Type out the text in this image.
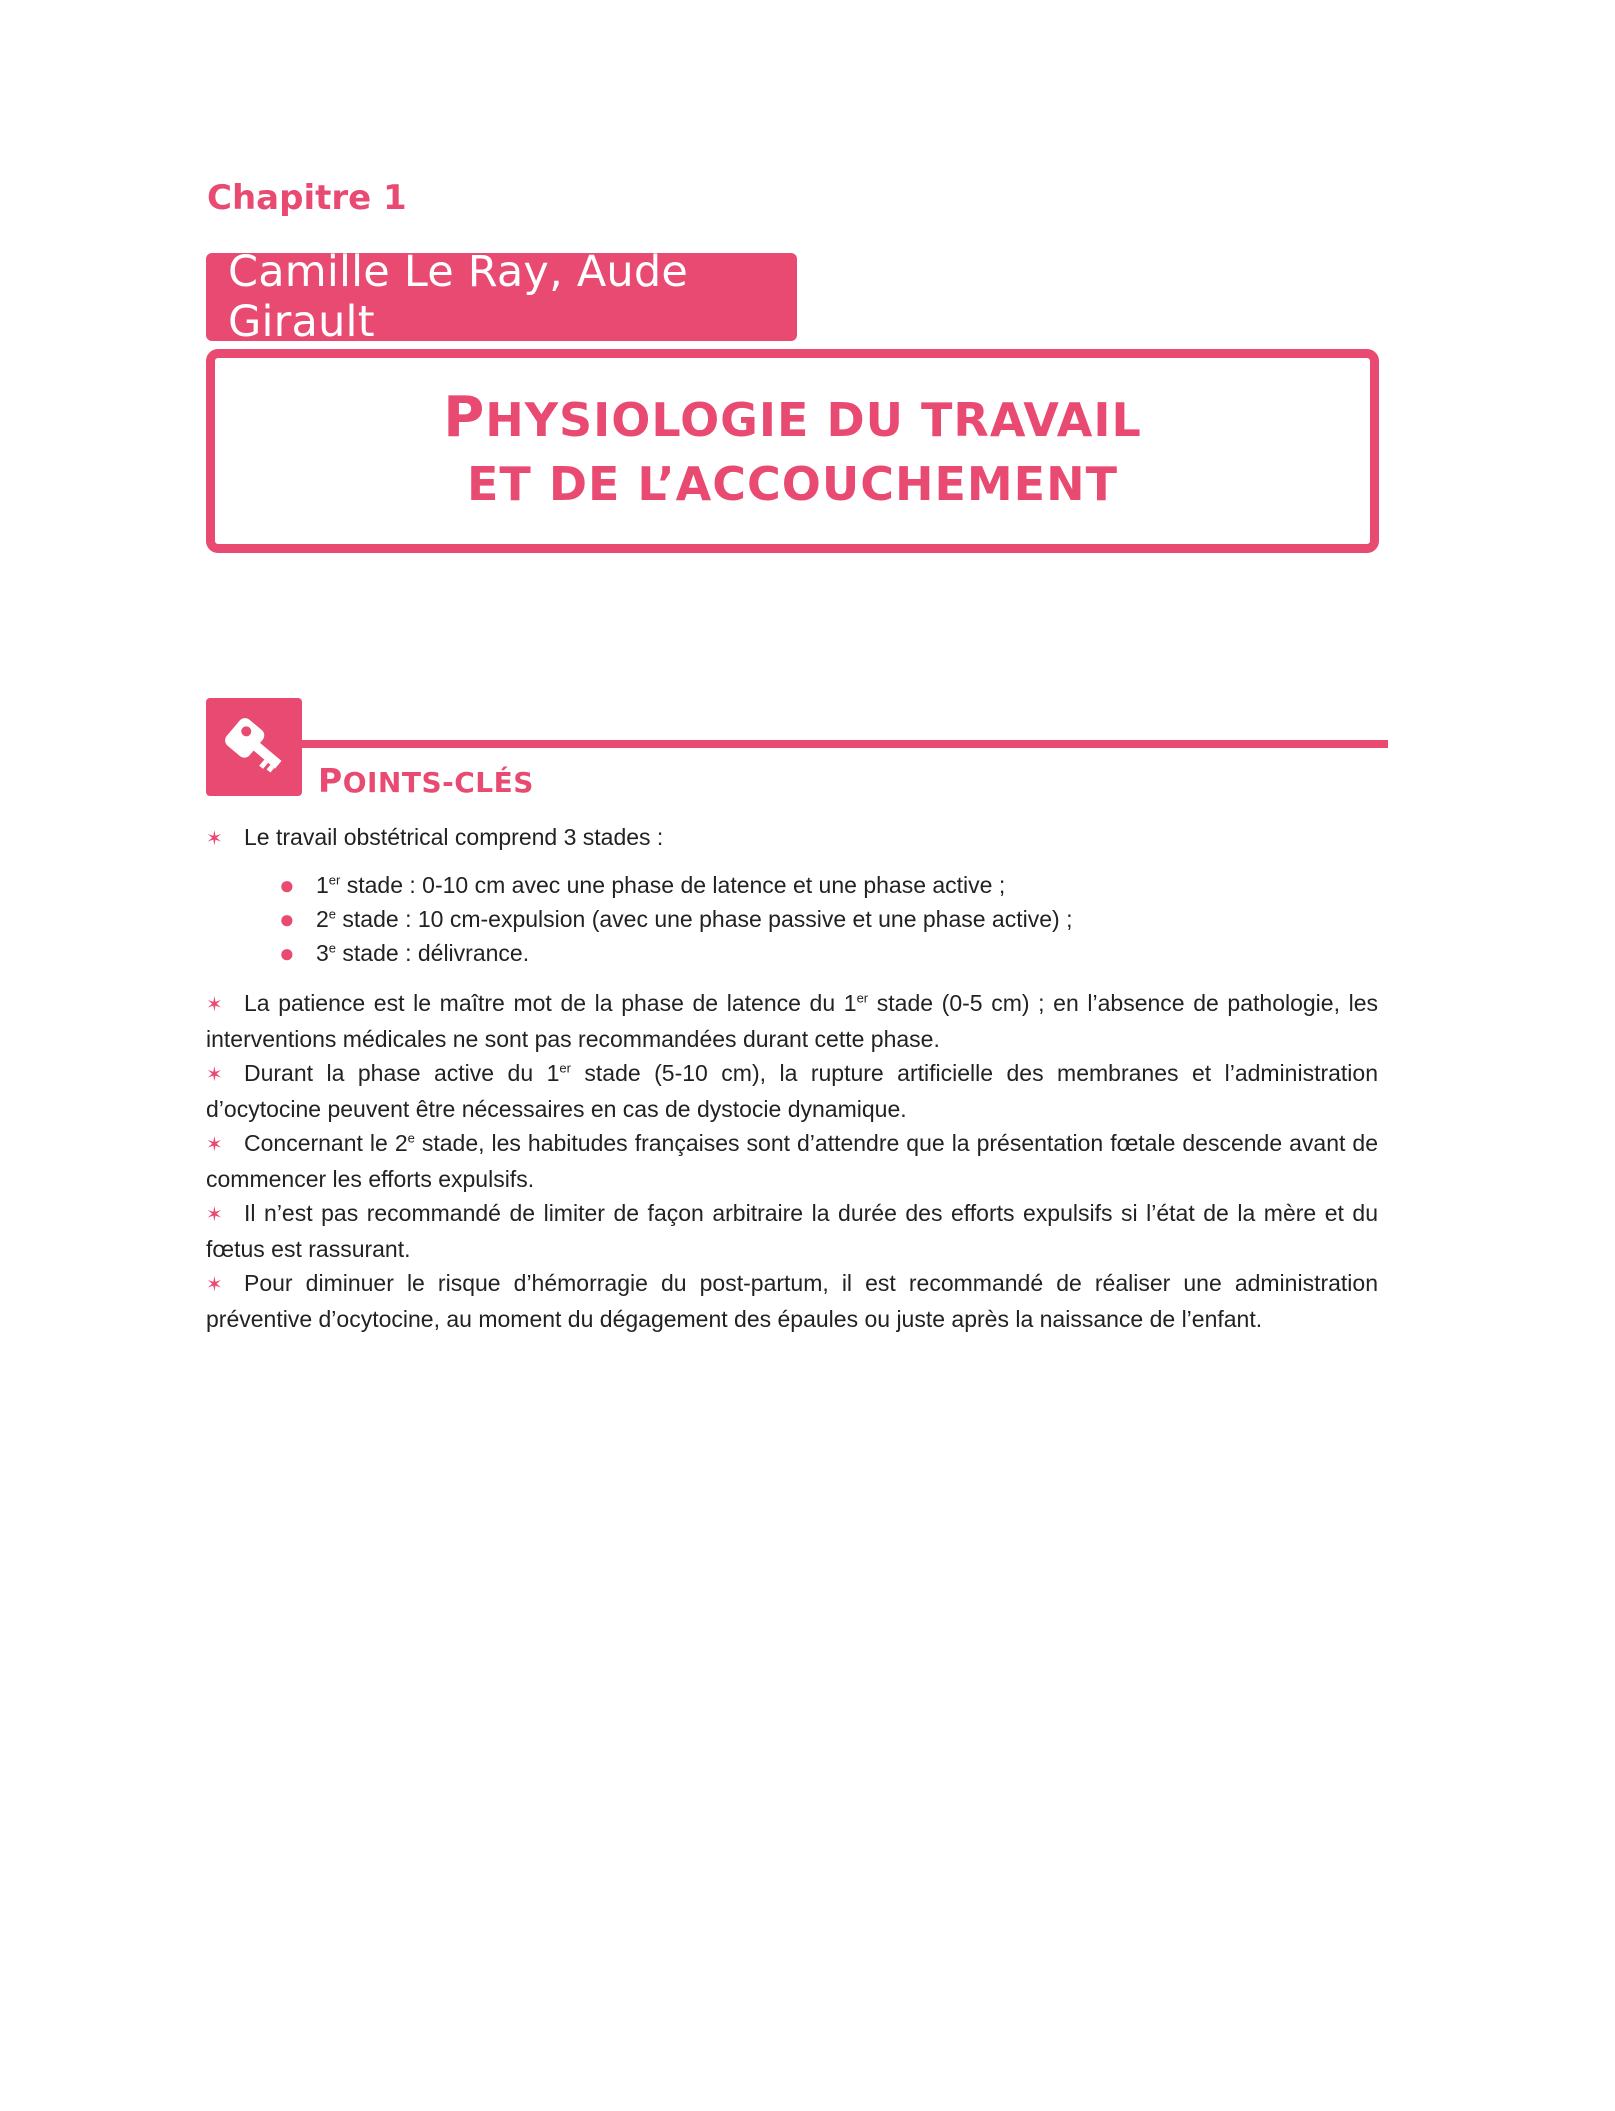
Chapitre 1
Camille Le Ray, Aude Girault
PHYSIOLOGIE DU TRAVAIL
ET DE L’ACCOUCHEMENT
POINTS-CLÉS

✶ Le travail obstétrical comprend 3 stades :

● 1er stade : 0-10 cm avec une phase de latence et une phase active ;
● 2e stade : 10 cm-expulsion (avec une phase passive et une phase active) ;
● 3e stade : délivrance.

✶ La patience est le maître mot de la phase de latence du 1er stade (0-5 cm) ; en l’absence de pathologie, les interventions médicales ne sont pas recommandées durant cette phase.

✶ Durant la phase active du 1er stade (5-10 cm), la rupture artificielle des membranes et l’administration d’ocytocine peuvent être nécessaires en cas de dystocie dynamique.

✶ Concernant le 2e stade, les habitudes françaises sont d’attendre que la présentation fœtale descende avant de commencer les efforts expulsifs.

✶ Il n’est pas recommandé de limiter de façon arbitraire la durée des efforts expulsifs si l’état de la mère et du fœtus est rassurant.

✶ Pour diminuer le risque d’hémorragie du post-partum, il est recommandé de réaliser une administration préventive d’ocytocine, au moment du dégagement des épaules ou juste après la naissance de l’enfant.
